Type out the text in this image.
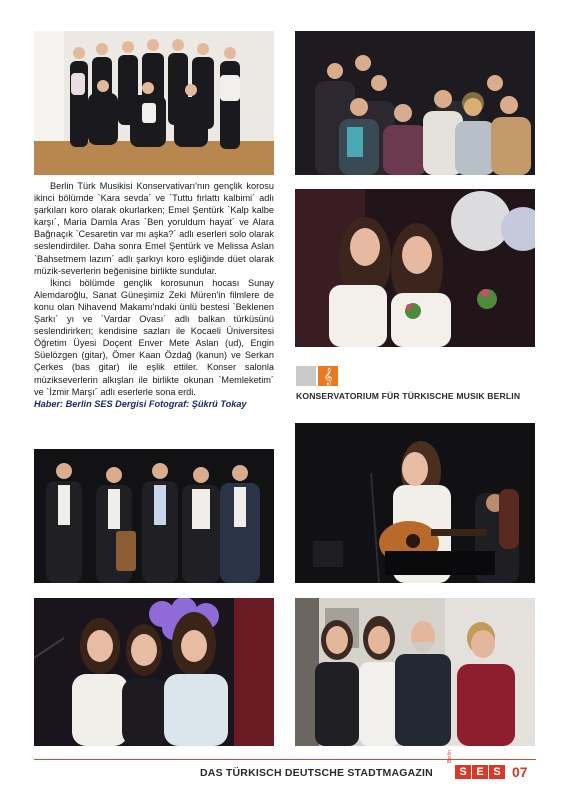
Berlin Türk Musikisi Konservativarı'nın gençlik korosu ikinci bölümde `Kara sevda´ ve `Tuttu fırlattı kalbimi´ adlı şarkıları koro olarak okurlarken; Emel Şentürk `Kalp kalbe karşı´, Maria Damla Aras `Ben yoruldum hayat´ ve Alara Bağrıaçık `Cesaretin var mı aşka?´ adlı eserleri solo olarak seslendirdiler. Daha sonra Emel Şentürk ve Melissa Aslan `Bahsetmem lazım´ adlı şarkıyı koro eşliğinde düet olarak müzik-severlerin beğenisine birlikte sundular.

İkinci bölümde gençlik korosunun hocası Sunay Alemdaroğlu, Sanat Güneşimiz Zeki Müren'in filmlere de konu olan Nihavend Makamı'ndaki ünlü bestesi `Beklenen Şarkı´ yı ve `Vardar Ovası´ adlı balkan türküsünü seslendirirken; kendisine sazları ile Kocaeli Üniversitesi Öğretim Üyesi Doçent Enver Mete Aslan (ud), Engin Süelözgen (gitar), Ömer Kaan Özdağ (kanun) ve Serkan Çerkes (bas gitar) ile eşlik ettiler. Konser salonla müzikseverlerin alkışları ile birlikte okunan `Memleketim´ ve `İzmir Marşı´ adlı eserlerle sona erdi.

Haber: Berlin SES Dergisi Fotograf: Şükrü Tokay

𝄞
KONSERVATORIUM FÜR TÜRKISCHE MUSIK BERLIN
DAS TÜRKISCH DEUTSCHE STADTMAGAZIN
Berlin
S E S 07
